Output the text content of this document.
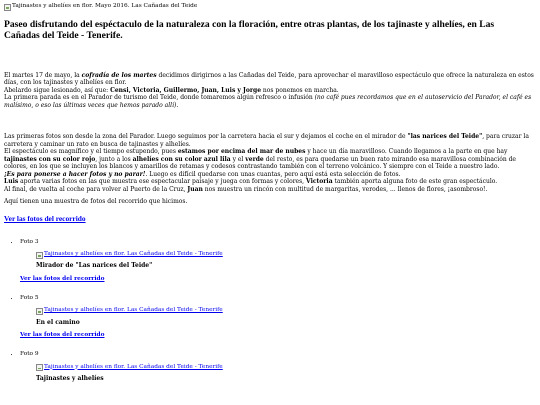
Tajinastes y alhelíes en flor. Mayo 2016. Las Cañadas del Teide
Paseo disfrutando del espéctaculo de la naturaleza con la floración, entre otras plantas, de los tajinaste y alhelíes, en Las Cañadas del Teide - Tenerife.

El martes 17 de mayo, la cofradía de los martes decidimos dirigirnos a las Cañadas del Teide, para aprovechar el maravilloso espectáculo que ofrece la naturaleza en estos días, con los tajinastes y alhelíes en flor.

Abelardo sigue lesionado, así que: Censi, Victoria, Guillermo, Juan, Luis y Jorge nos ponemos en marcha.

La primera parada es en el Parador de turismo del Teide, donde tomaremos algún refresco o infusión (no café pues recordamos que en el autoservicio del Parador, el café es malísimo, o eso las últimas veces que hemos parado allí).

Las primeras fotos son desde la zona del Parador. Luego seguimos por la carretera hacia el sur y dejamos el coche en el mirador de "las narices del Teide", para cruzar la carretera y caminar un rato en busca de tajinastes y alhelíes.

El espectáculo es magnífico y el tiempo estupendo, pues estamos por encima del mar de nubes y hace un día maravilloso. Cuando llegamos a la parte en que hay tajinastes con su color rojo, junto a los alhelíes con su color azul lila y el verde del resto, es para quedarse un buen rato mirando esa maravillosa combinación de colores, en los que se incluyen los blancos y amarillos de retamas y codesos contrastando también con el terreno volcánico. Y siempre con el Teide a nuestro lado.

¡Es para ponerse a hacer fotos y no parar!. Luego es difícil quedarse con unas cuantas, pero aquí está esta selección de fotos.

Luis aporta varias fotos en las que muestra ese espectacular paisaje y juega con formas y colores, Victoria también aporta alguna foto de este gran espectáculo.

Al final, de vuelta al coche para volver al Puerto de la Cruz, Juan nos muestra un rincón con multitud de margaritas, verodes, ... llenos de flores, ¡asombroso!.

Aquí tienen una muestra de fotos del recorrido que hicimos.

Ver las fotos del recorrido

• Foto 3
Tajinastes y alhelíes en flor. Las Cañadas del Teide - Tenerife
Mirador de "Las narices del Teide"
Ver las fotos del recorrido
• Foto 5
Tajinastes y alhelíes en flor. Las Cañadas del Teide - Tenerife
En el camino
Ver las fotos del recorrido
• Foto 9
Tajinastes y alhelíes en flor. Las Cañadas del Teide - Tenerife
Tajinastes y alhelíes
